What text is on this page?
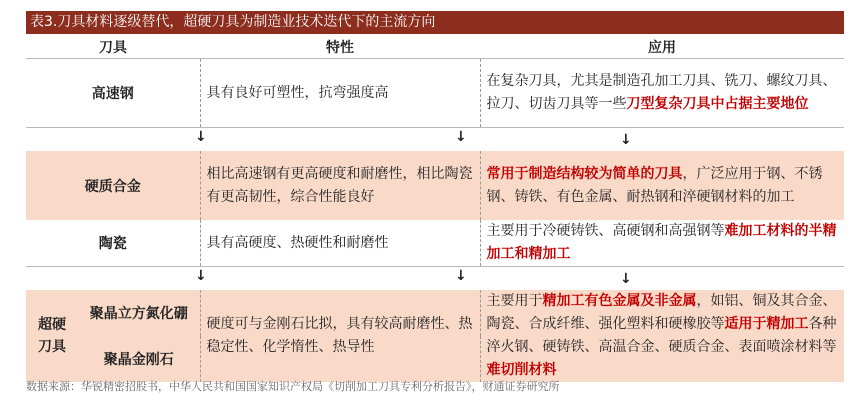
表3.刀具材料逐级替代，超硬刀具为制造业技术迭代下的主流方向
刀具		特性	应用
高速钢		具有良好可塑性，抗弯强度高	在复杂刀具，尤其是制造孔加工刀具、铣刀、螺纹刀具、拉刀、切齿刀具等一些刀型复杂刀具中占据主要地位

		↓ ↓	↓
硬质合金		相比高速钢有更高硬度和耐磨性，相比陶瓷有更高韧性，综合性能良好	常用于制造结构较为简单的刀具，广泛应用于钢、不锈钢、铸铁、有色金属、耐热钢和淬硬钢材料的加工
陶瓷		具有高硬度、热硬性和耐磨性	主要用于冷硬铸铁、高硬钢和高强钢等难加工材料的半精加工和精加工

		↓ ↓	↓
超硬刀具	聚晶立方氮化硼	硬度可与金刚石比拟，具有较高耐磨性、热稳定性、化学惰性、热导性	主要用于精加工有色金属及非金属，如铝、铜及其合金、陶瓷、合成纤维、强化塑料和硬橡胶等适用于精加工各种淬火钢、硬铸铁、高温合金、硬质合金、表面喷涂材料等难切削材料
	聚晶金刚石		
数据来源：华锐精密招股书，中华人民共和国国家知识产权局《切削加工刀具专利分析报告》，财通证券研究所
